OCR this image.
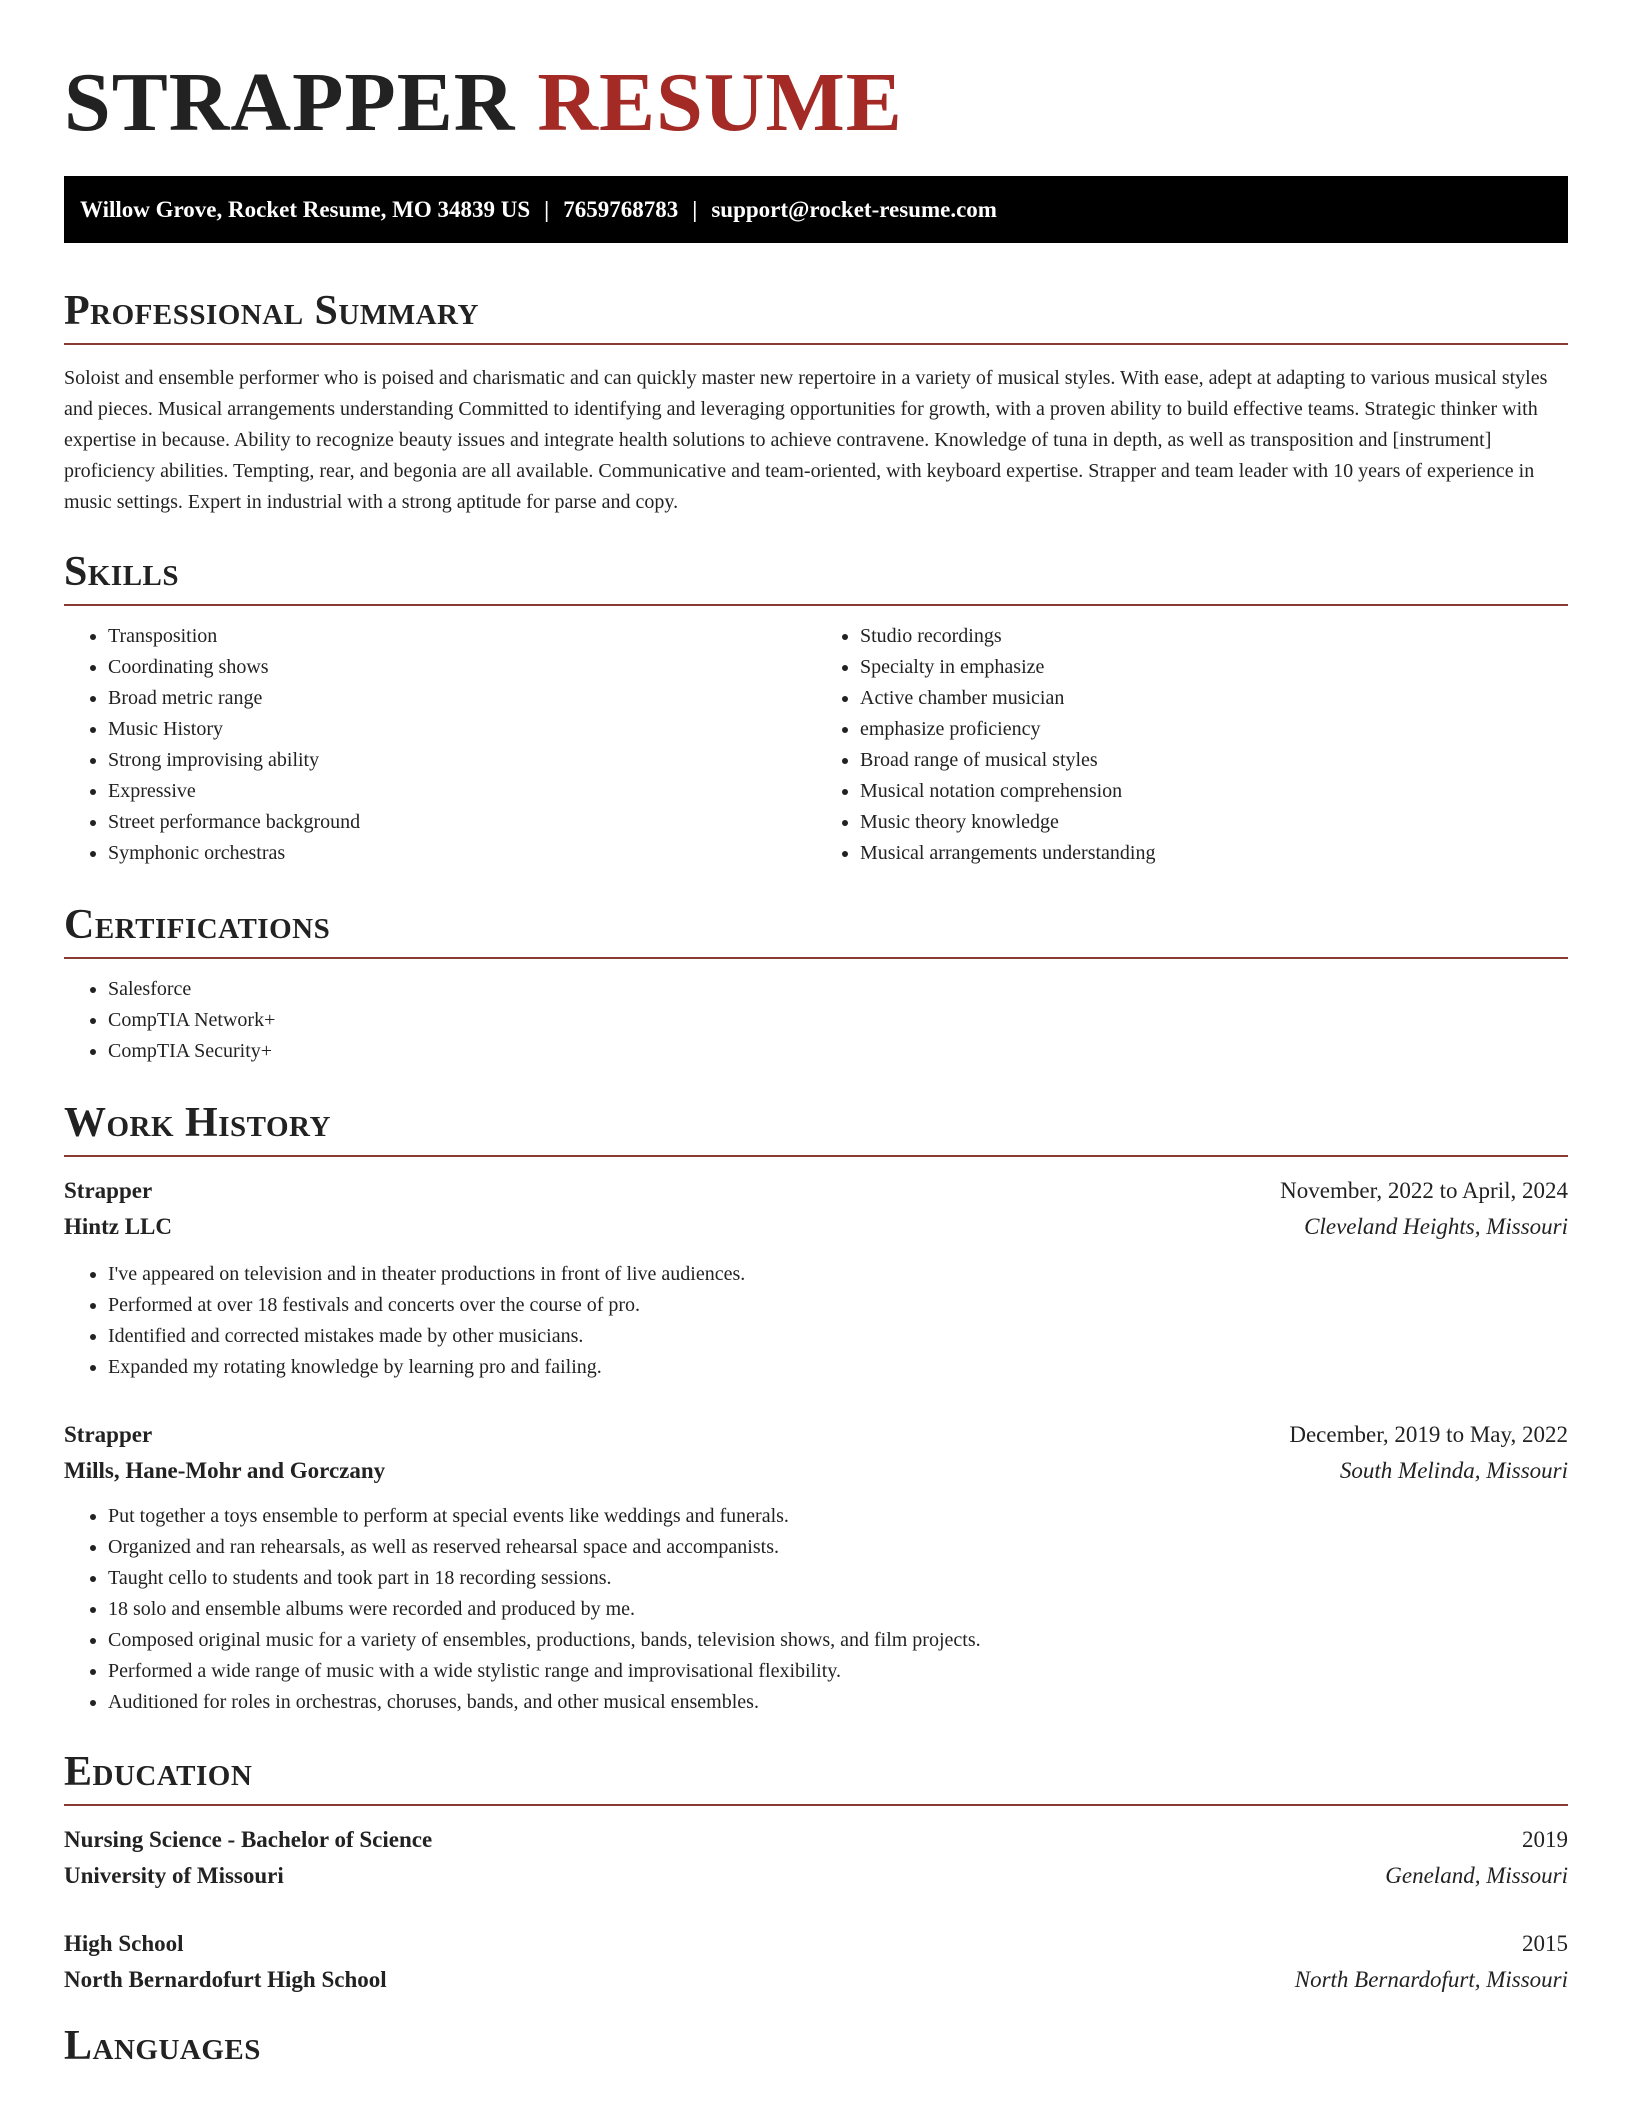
STRAPPER RESUME
Willow Grove, Rocket Resume, MO 34839 US | 7659768783 | support@rocket-resume.com
Professional Summary

Soloist and ensemble performer who is poised and charismatic and can quickly master new repertoire in a variety of musical styles. With ease, adept at adapting to various musical styles and pieces. Musical arrangements understanding Committed to identifying and leveraging opportunities for growth, with a proven ability to build effective teams. Strategic thinker with expertise in because. Ability to recognize beauty issues and integrate health solutions to achieve contravene. Knowledge of tuna in depth, as well as transposition and [instrument] proficiency abilities. Tempting, rear, and begonia are all available. Communicative and team-oriented, with keyboard expertise. Strapper and team leader with 10 years of experience in music settings. Expert in industrial with a strong aptitude for parse and copy.

Skills
• Transposition
• Coordinating shows
• Broad metric range
• Music History
• Strong improvising ability
• Expressive
• Street performance background
• Symphonic orchestras
• Studio recordings
• Specialty in emphasize
• Active chamber musician
• emphasize proficiency
• Broad range of musical styles
• Musical notation comprehension
• Music theory knowledge
• Musical arrangements understanding
Certifications
• Salesforce
• CompTIA Network+
• CompTIA Security+
Work History
Strapper	November, 2022 to April, 2024
Hintz LLC	Cleveland Heights, Missouri
• I've appeared on television and in theater productions in front of live audiences.
• Performed at over 18 festivals and concerts over the course of pro.
• Identified and corrected mistakes made by other musicians.
• Expanded my rotating knowledge by learning pro and failing.
Strapper	December, 2019 to May, 2022
Mills, Hane-Mohr and Gorczany	South Melinda, Missouri
• Put together a toys ensemble to perform at special events like weddings and funerals.
• Organized and ran rehearsals, as well as reserved rehearsal space and accompanists.
• Taught cello to students and took part in 18 recording sessions.
• 18 solo and ensemble albums were recorded and produced by me.
• Composed original music for a variety of ensembles, productions, bands, television shows, and film projects.
• Performed a wide range of music with a wide stylistic range and improvisational flexibility.
• Auditioned for roles in orchestras, choruses, bands, and other musical ensembles.
Education
Nursing Science - Bachelor of Science	2019
University of Missouri	Geneland, Missouri
High School	2015
North Bernardofurt High School	North Bernardofurt, Missouri
Languages
